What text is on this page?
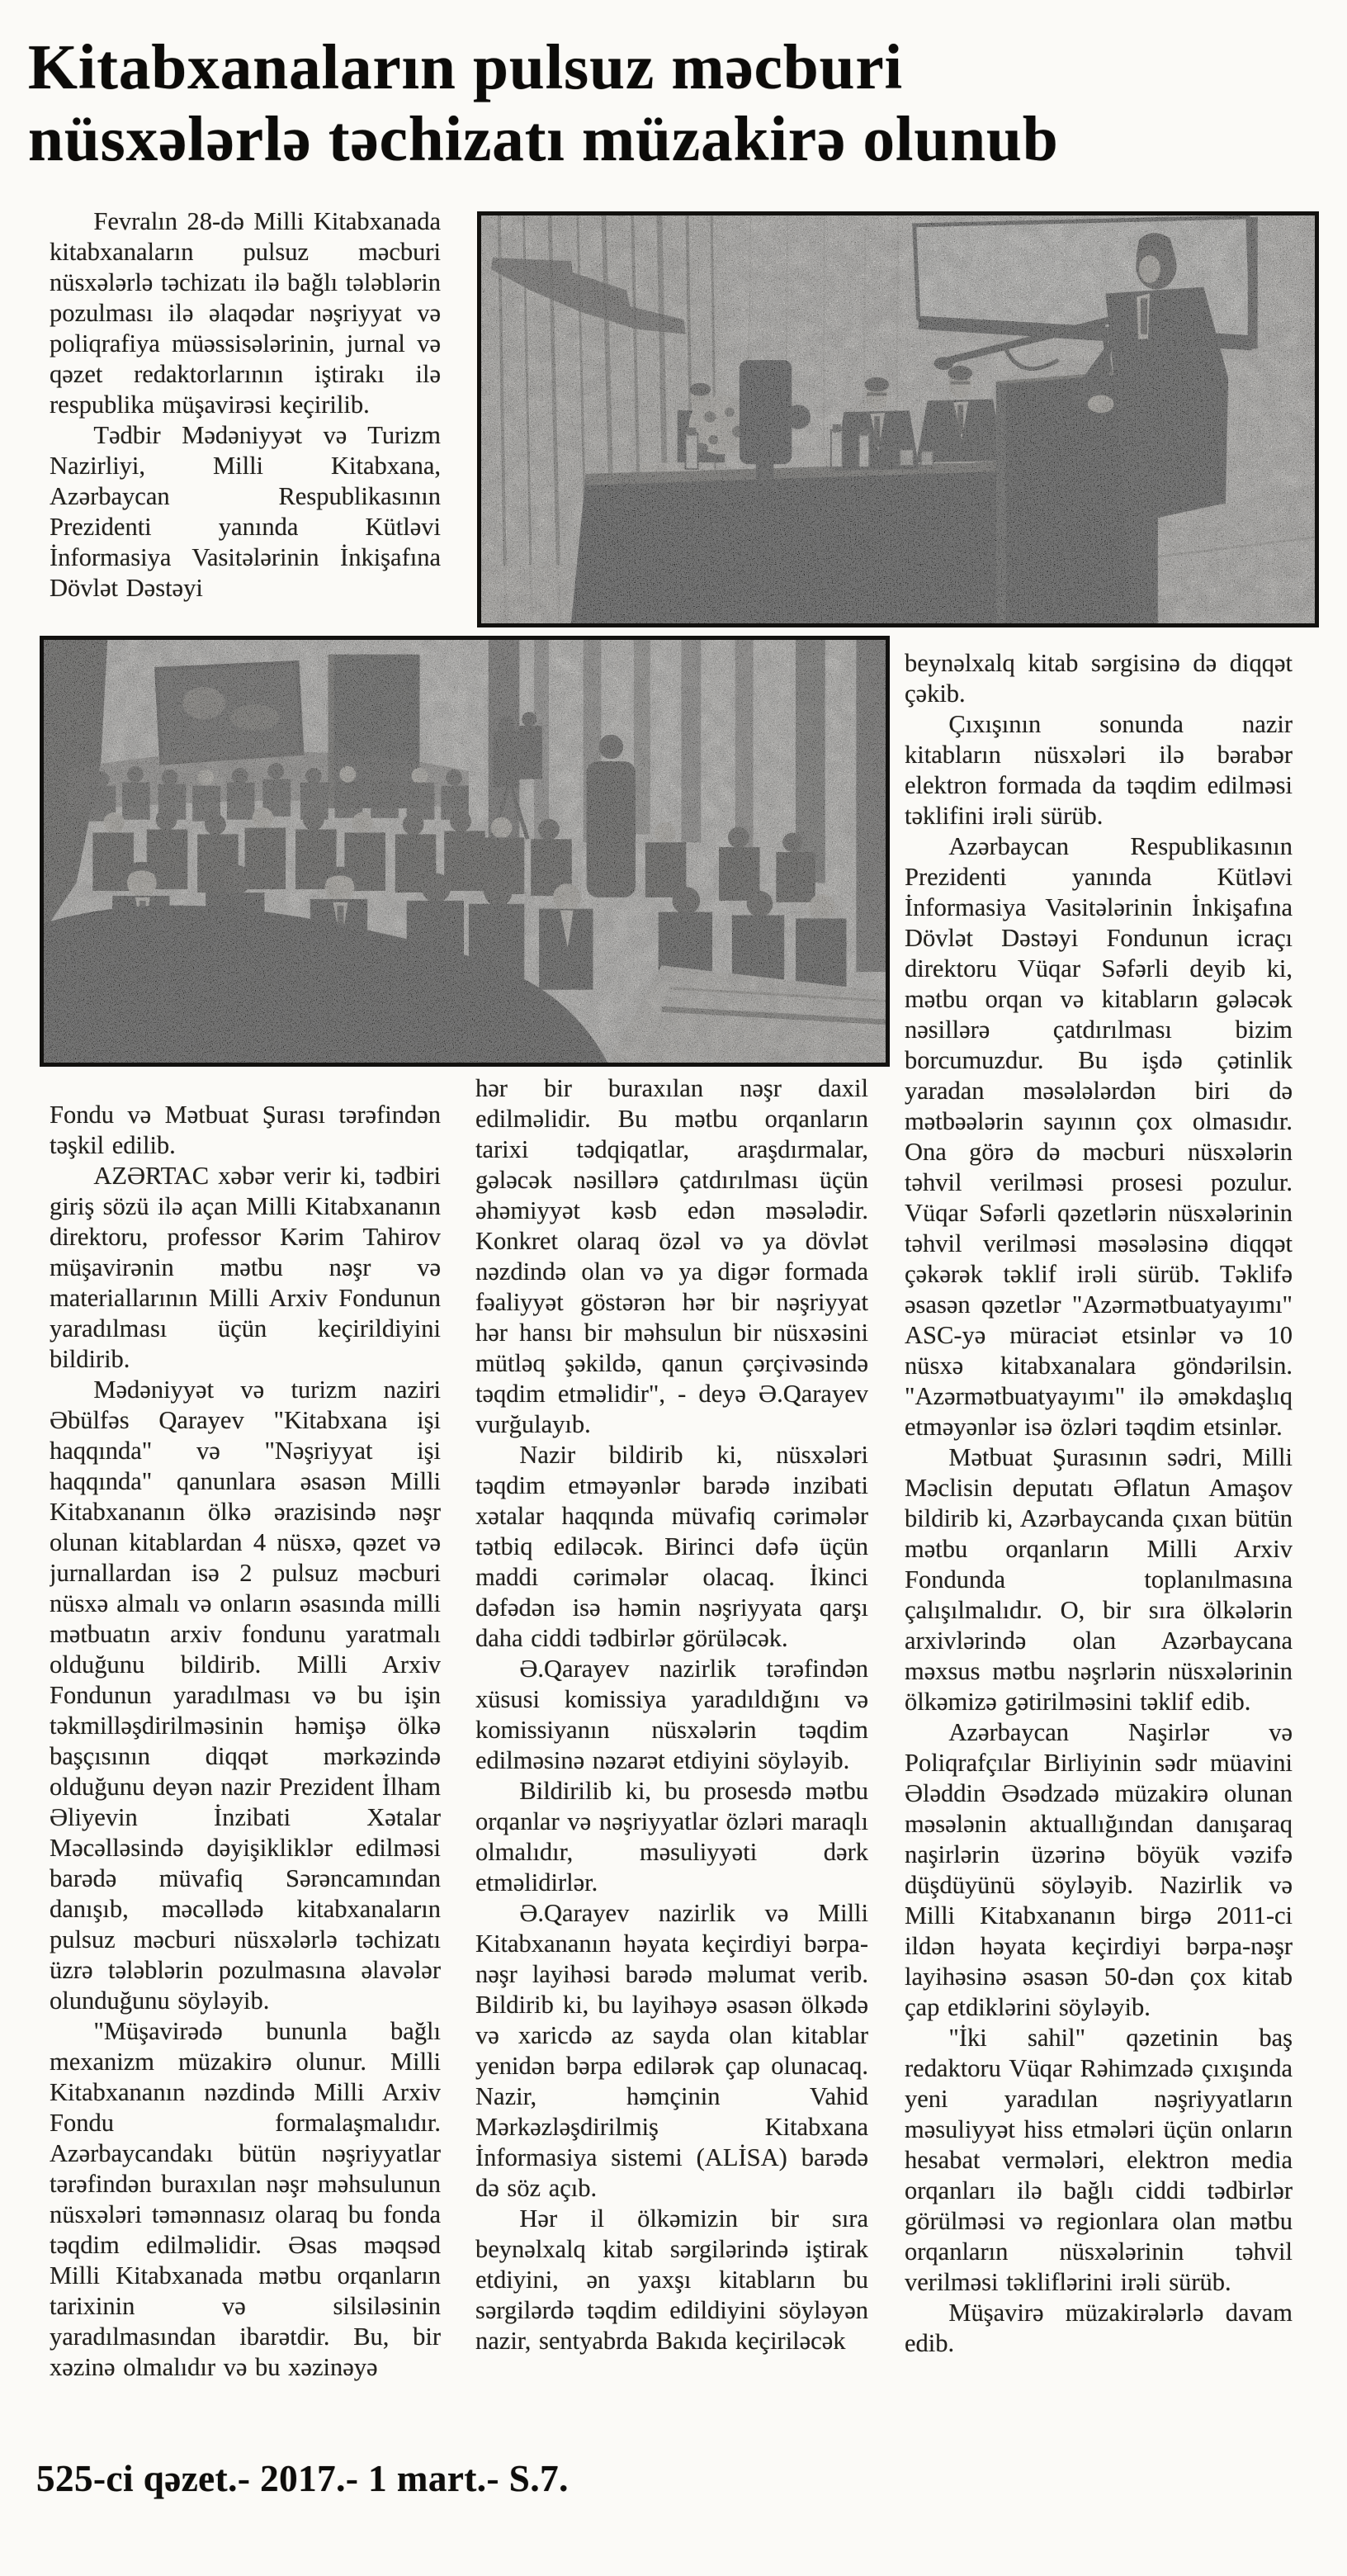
Kitabxanaların pulsuz məcburi
nüsxələrlə təchizatı müzakirə olunub

Fevralın 28-də Milli Kitabxanada kitabxanaların pulsuz məcburi nüsxələrlə təchizatı ilə bağlı tələblərin pozulması ilə əlaqədar nəşriyyat və poliqrafiya müəssisələrinin, jurnal və qəzet redaktorlarının iştirakı ilə respublika müşavirəsi keçirilib.

Tədbir Mədəniyyət və Turizm Nazirliyi, Milli Kitabxana, Azərbaycan Respublikasının Prezidenti yanında Kütləvi İnformasiya Vasitələrinin İnkişafına Dövlət Dəstəyi

Fondu və Mətbuat Şurası tərəfindən təşkil edilib.

AZƏRTAC xəbər verir ki, tədbiri giriş sözü ilə açan Milli Kitabxananın direktoru, professor Kərim Tahirov müşavirənin mətbu nəşr və materiallarının Milli Arxiv Fondunun yaradılması üçün keçirildiyini bildirib.

Mədəniyyət və turizm naziri Əbülfəs Qarayev "Kitabxana işi haqqında" və "Nəşriyyat işi haqqında" qanunlara əsasən Milli Kitabxananın ölkə ərazisində nəşr olunan kitablardan 4 nüsxə, qəzet və jurnallardan isə 2 pulsuz məcburi nüsxə almalı və onların əsasında milli mətbuatın arxiv fondunu yaratmalı olduğunu bildirib. Milli Arxiv Fondunun yaradılması və bu işin təkmilləşdirilməsinin həmişə ölkə başçısının diqqət mərkəzində olduğunu deyən nazir Prezident İlham Əliyevin İnzibati Xətalar Məcəlləsində dəyişikliklər edilməsi barədə müvafiq Sərəncamından danışıb, məcəllədə kitabxanaların pulsuz məcburi nüsxələrlə təchizatı üzrə tələblərin pozulmasına əlavələr olunduğunu söyləyib.

"Müşavirədə bununla bağlı mexanizm müzakirə olunur. Milli Kitabxananın nəzdində Milli Arxiv Fondu formalaşmalıdır. Azərbaycandakı bütün nəşriyyatlar tərəfindən buraxılan nəşr məhsulunun nüsxələri təmənnasız olaraq bu fonda təqdim edilməlidir. Əsas məqsəd Milli Kitabxanada mətbu orqanların tarixinin və silsiləsinin yaradılmasından ibarətdir. Bu, bir xəzinə olmalıdır və bu xəzinəyə

hər bir buraxılan nəşr daxil edilməlidir. Bu mətbu orqanların tarixi tədqiqatlar, araşdırmalar, gələcək nəsillərə çatdırılması üçün əhəmiyyət kəsb edən məsələdir. Konkret olaraq özəl və ya dövlət nəzdində olan və ya digər formada fəaliyyət göstərən hər bir nəşriyyat hər hansı bir məhsulun bir nüsxəsini mütləq şəkildə, qanun çərçivəsində təqdim etməlidir", - deyə Ə.Qarayev vurğulayıb.

Nazir bildirib ki, nüsxələri təqdim etməyənlər barədə inzibati xətalar haqqında müvafiq cərimələr tətbiq ediləcək. Birinci dəfə üçün maddi cərimələr olacaq. İkinci dəfədən isə həmin nəşriyyata qarşı daha ciddi tədbirlər görüləcək.

Ə.Qarayev nazirlik tərəfindən xüsusi komissiya yaradıldığını və komissiyanın nüsxələrin təqdim edilməsinə nəzarət etdiyini söyləyib.

Bildirilib ki, bu prosesdə mətbu orqanlar və nəşriyyatlar özləri maraqlı olmalıdır, məsuliyyəti dərk etməlidirlər.

Ə.Qarayev nazirlik və Milli Kitabxananın həyata keçirdiyi bərpa-nəşr layihəsi barədə məlumat verib. Bildirib ki, bu layihəyə əsasən ölkədə və xaricdə az sayda olan kitablar yenidən bərpa edilərək çap olunacaq. Nazir, həmçinin Vahid Mərkəzləşdirilmiş Kitabxana İnformasiya sistemi (ALİSA) barədə də söz açıb.

Hər il ölkəmizin bir sıra beynəlxalq kitab sərgilərində iştirak etdiyini, ən yaxşı kitabların bu sərgilərdə təqdim edildiyini söyləyən nazir, sentyabrda Bakıda keçiriləcək

beynəlxalq kitab sərgisinə də diqqət çəkib.

Çıxışının sonunda nazir kitabların nüsxələri ilə bərabər elektron formada da təqdim edilməsi təklifini irəli sürüb.

Azərbaycan Respublikasının Prezidenti yanında Kütləvi İnformasiya Vasitələrinin İnkişafına Dövlət Dəstəyi Fondunun icraçı direktoru Vüqar Səfərli deyib ki, mətbu orqan və kitabların gələcək nəsillərə çatdırılması bizim borcumuzdur. Bu işdə çətinlik yaradan məsələlərdən biri də mətbəələrin sayının çox olmasıdır. Ona görə də məcburi nüsxələrin təhvil verilməsi prosesi pozulur. Vüqar Səfərli qəzetlərin nüsxələrinin təhvil verilməsi məsələsinə diqqət çəkərək təklif irəli sürüb. Təklifə əsasən qəzetlər "Azərmətbuatyayımı" ASC-yə müraciət etsinlər və 10 nüsxə kitabxanalara göndərilsin. "Azərmətbuatyayımı" ilə əməkdaşlıq etməyənlər isə özləri təqdim etsinlər.

Mətbuat Şurasının sədri, Milli Məclisin deputatı Əflatun Amaşov bildirib ki, Azərbaycanda çıxan bütün mətbu orqanların Milli Arxiv Fondunda toplanılmasına çalışılmalıdır. O, bir sıra ölkələrin arxivlərində olan Azərbaycana məxsus mətbu nəşrlərin nüsxələrinin ölkəmizə gətirilməsini təklif edib.

Azərbaycan Naşirlər və Poliqrafçılar Birliyinin sədr müavini Ələddin Əsədzadə müzakirə olunan məsələnin aktuallığından danışaraq naşirlərin üzərinə böyük vəzifə düşdüyünü söyləyib. Nazirlik və Milli Kitabxananın birgə 2011-ci ildən həyata keçirdiyi bərpa-nəşr layihəsinə əsasən 50-dən çox kitab çap etdiklərini söyləyib.

"İki sahil" qəzetinin baş redaktoru Vüqar Rəhimzadə çıxışında yeni yaradılan nəşriyyatların məsuliyyət hiss etmələri üçün onların hesabat vermələri, elektron media orqanları ilə bağlı ciddi tədbirlər görülməsi və regionlara olan mətbu orqanların nüsxələrinin təhvil verilməsi təkliflərini irəli sürüb.

Müşavirə müzakirələrlə davam edib.

525-ci qəzet.- 2017.- 1 mart.- S.7.
